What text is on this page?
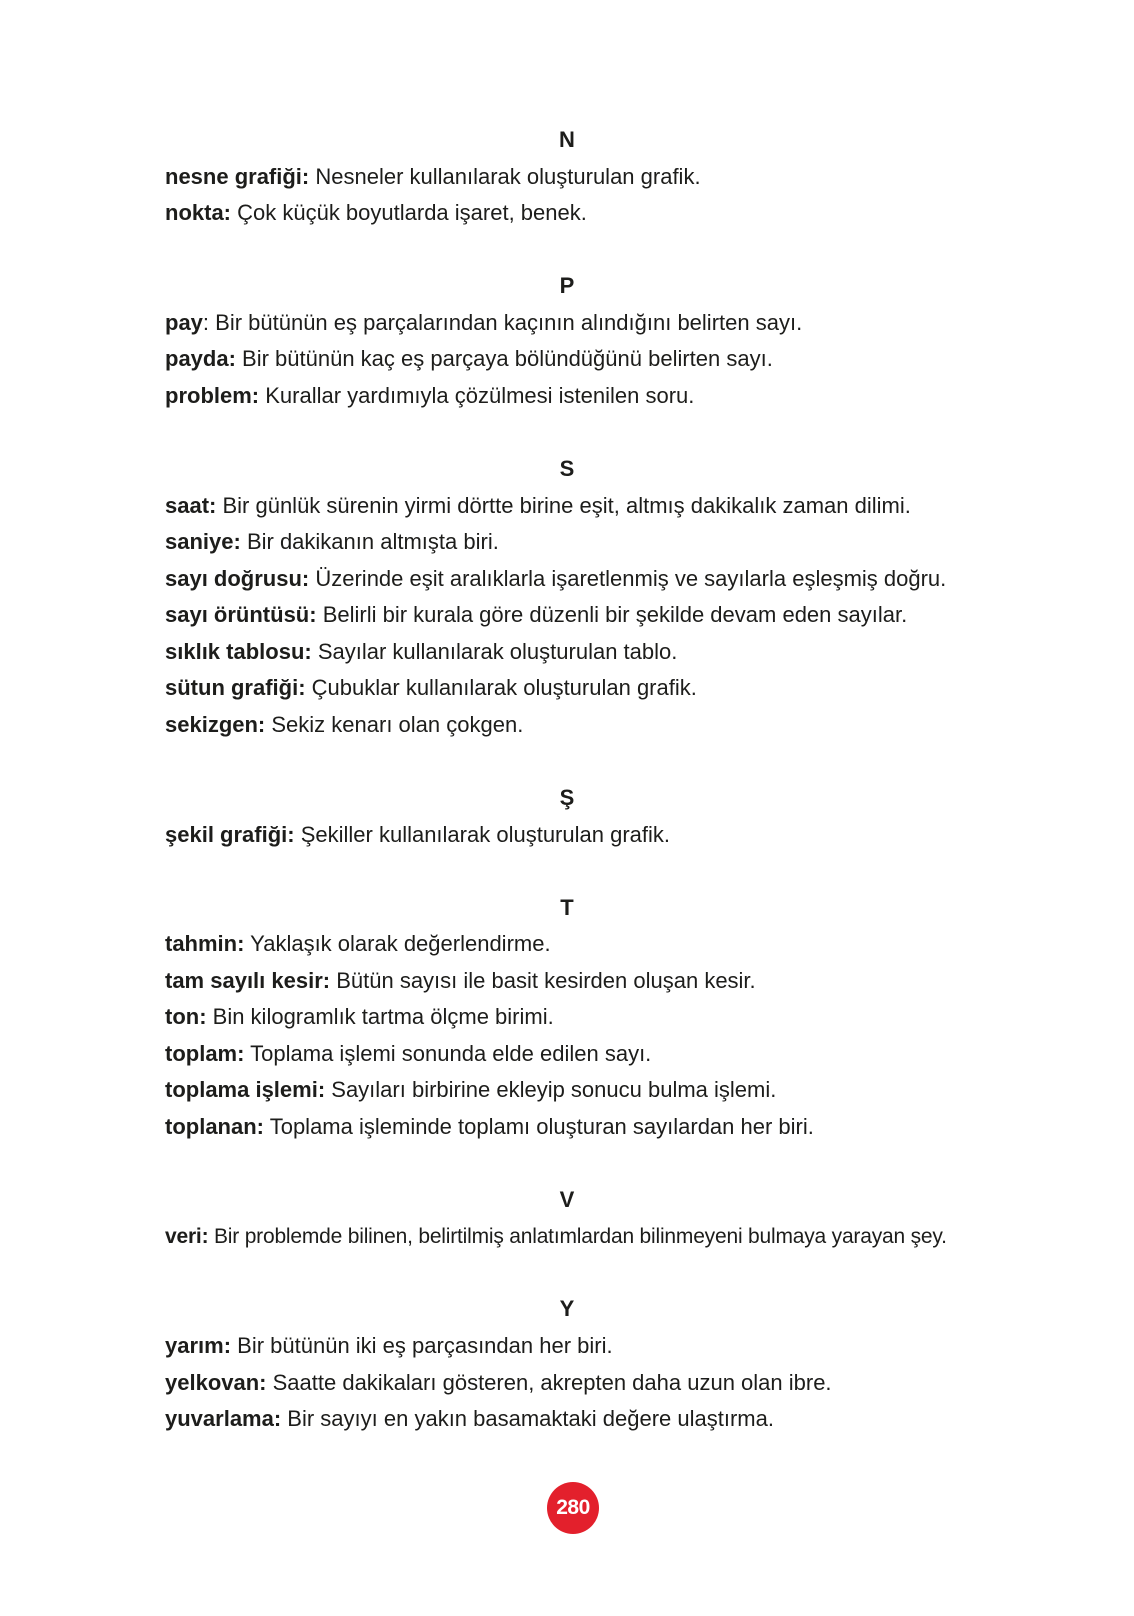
N
nesne grafiği: Nesneler kullanılarak oluşturulan grafik.
nokta: Çok küçük boyutlarda işaret, benek.
P
pay: Bir bütünün eş parçalarından kaçının alındığını belirten sayı.
payda: Bir bütünün kaç eş parçaya bölündüğünü belirten sayı.
problem: Kurallar yardımıyla çözülmesi istenilen soru.
S
saat: Bir günlük sürenin yirmi dörtte birine eşit, altmış dakikalık zaman dilimi.
saniye: Bir dakikanın altmışta biri.
sayı doğrusu: Üzerinde eşit aralıklarla işaretlenmiş ve sayılarla eşleşmiş doğru.
sayı örüntüsü: Belirli bir kurala göre düzenli bir şekilde devam eden sayılar.
sıklık tablosu: Sayılar kullanılarak oluşturulan tablo.
sütun grafiği: Çubuklar kullanılarak oluşturulan grafik.
sekizgen: Sekiz kenarı olan çokgen.
Ş
şekil grafiği: Şekiller kullanılarak oluşturulan grafik.
T
tahmin: Yaklaşık olarak değerlendirme.
tam sayılı kesir: Bütün sayısı ile basit kesirden oluşan kesir.
ton: Bin kilogramlık tartma ölçme birimi.
toplam: Toplama işlemi sonunda elde edilen sayı.
toplama işlemi: Sayıları birbirine ekleyip sonucu bulma işlemi.
toplanan: Toplama işleminde toplamı oluşturan sayılardan her biri.
V
veri: Bir problemde bilinen, belirtilmiş anlatımlardan bilinmeyeni bulmaya yarayan şey.
Y
yarım: Bir bütünün iki eş parçasından her biri.
yelkovan: Saatte dakikaları gösteren, akrepten daha uzun olan ibre.
yuvarlama: Bir sayıyı en yakın basamaktaki değere ulaştırma.
280
